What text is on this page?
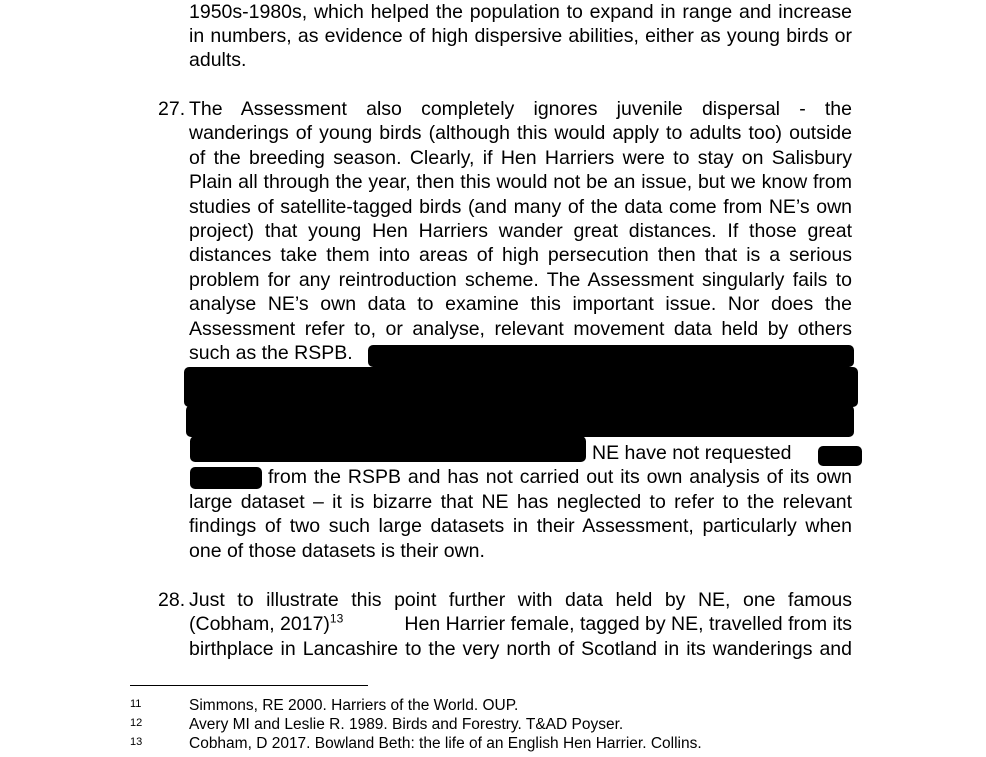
1950s-1980s, which helped the population to expand in range and increase
in numbers, as evidence of high dispersive abilities, either as young birds or
adults.
27. The Assessment also completely ignores juvenile dispersal - the
wanderings of young birds (although this would apply to adults too) outside
of the breeding season. Clearly, if Hen Harriers were to stay on Salisbury
Plain all through the year, then this would not be an issue, but we know from
studies of satellite-tagged birds (and many of the data come from NE’s own
project) that young Hen Harriers wander great distances. If those great
distances take them into areas of high persecution then that is a serious
problem for any reintroduction scheme. The Assessment singularly fails to
analyse NE’s own data to examine this important issue. Nor does the
Assessment refer to, or analyse, relevant movement data held by others
such as the RSPB.
NE have not requested
from the RSPB and has not carried out its own analysis of its own
large dataset – it is bizarre that NE has neglected to refer to the relevant
findings of two such large datasets in their Assessment, particularly when
one of those datasets is their own.
28. Just to illustrate this point further with data held by NE, one famous
(Cobham, 2017)$^{13}$	Hen Harrier female, tagged by NE, travelled from its
birthplace in Lancashire to the very north of Scotland in its wanderings and
11	Simmons, RE 2000. Harriers of the World. OUP.
12	Avery MI and Leslie R. 1989. Birds and Forestry. T&AD Poyser.
13	Cobham, D 2017. Bowland Beth: the life of an English Hen Harrier. Collins.
